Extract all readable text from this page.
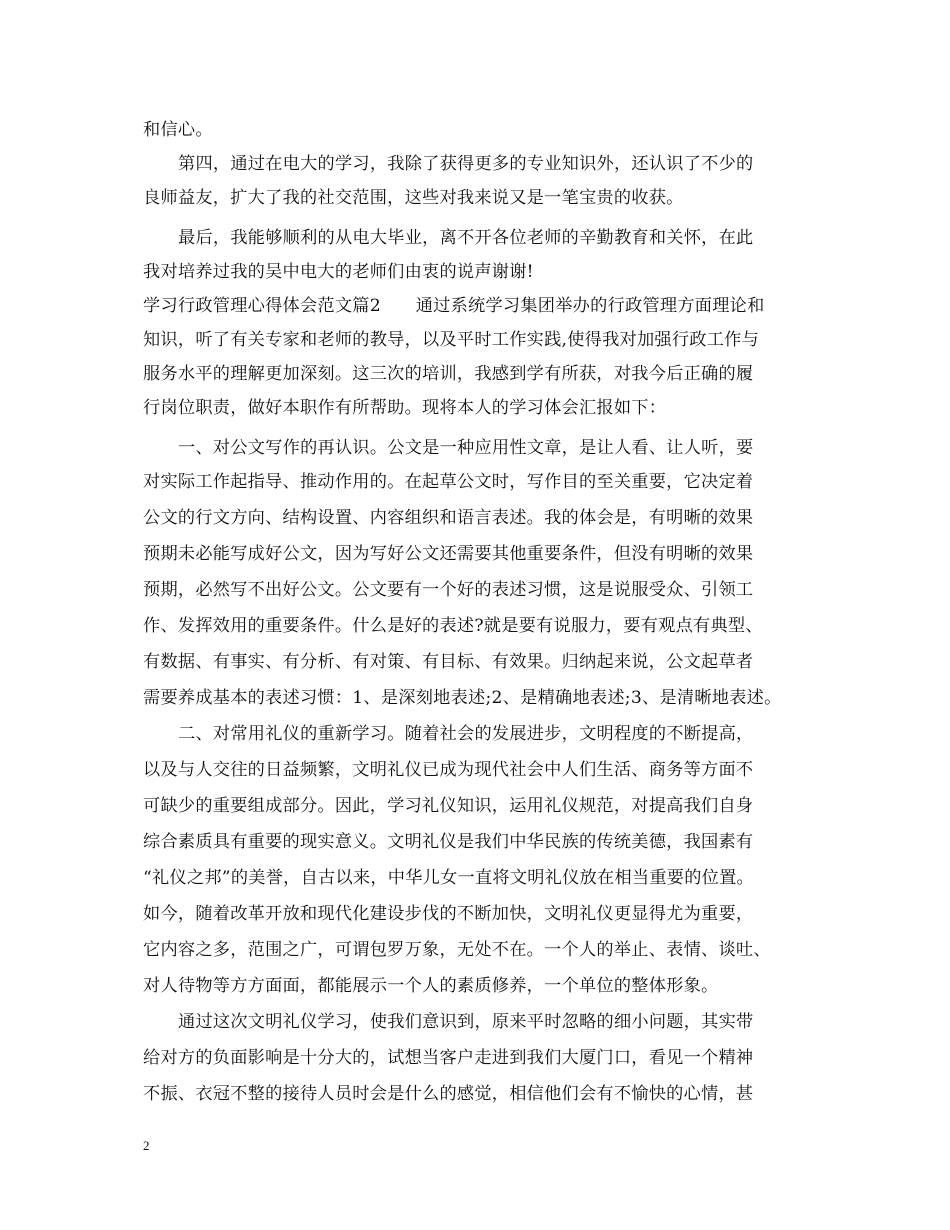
和信心。
第四，通过在电大的学习，我除了获得更多的专业知识外，还认识了不少的
良师益友，扩大了我的社交范围，这些对我来说又是一笔宝贵的收获。
最后，我能够顺利的从电大毕业，离不开各位老师的辛勤教育和关怀，在此
我对培养过我的吴中电大的老师们由衷的说声谢谢!
学习行政管理心得体会范文篇2　　通过系统学习集团举办的行政管理方面理论和
知识，听了有关专家和老师的教导，以及平时工作实践,使得我对加强行政工作与
服务水平的理解更加深刻。这三次的培训，我感到学有所获，对我今后正确的履
行岗位职责，做好本职作有所帮助。现将本人的学习体会汇报如下：
一、对公文写作的再认识。公文是一种应用性文章，是让人看、让人听，要
对实际工作起指导、推动作用的。在起草公文时，写作目的至关重要，它决定着
公文的行文方向、结构设置、内容组织和语言表述。我的体会是，有明晰的效果
预期未必能写成好公文，因为写好公文还需要其他重要条件，但没有明晰的效果
预期，必然写不出好公文。公文要有一个好的表述习惯，这是说服受众、引领工
作、发挥效用的重要条件。什么是好的表述?就是要有说服力，要有观点有典型、
有数据、有事实、有分析、有对策、有目标、有效果。归纳起来说，公文起草者
需要养成基本的表述习惯：1、是深刻地表述;2、是精确地表述;3、是清晰地表述。
二、对常用礼仪的重新学习。随着社会的发展进步，文明程度的不断提高，
以及与人交往的日益频繁，文明礼仪已成为现代社会中人们生活、商务等方面不
可缺少的重要组成部分。因此，学习礼仪知识，运用礼仪规范，对提高我们自身
综合素质具有重要的现实意义。文明礼仪是我们中华民族的传统美德，我国素有
“礼仪之邦”的美誉，自古以来，中华儿女一直将文明礼仪放在相当重要的位置。
如今，随着改革开放和现代化建设步伐的不断加快，文明礼仪更显得尤为重要，
它内容之多，范围之广，可谓包罗万象，无处不在。一个人的举止、表情、谈吐、
对人待物等方方面面，都能展示一个人的素质修养，一个单位的整体形象。
通过这次文明礼仪学习，使我们意识到，原来平时忽略的细小问题，其实带
给对方的负面影响是十分大的，试想当客户走进到我们大厦门口，看见一个精神
不振、衣冠不整的接待人员时会是什么的感觉，相信他们会有不愉快的心情，甚
2
